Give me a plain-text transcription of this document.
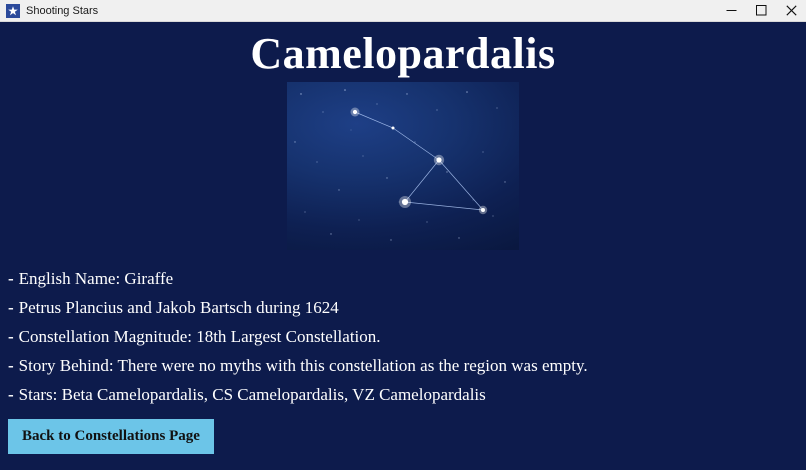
Shooting Stars
Camelopardalis
- English Name: Giraffe
- Petrus Plancius and Jakob Bartsch during 1624
- Constellation Magnitude: 18th Largest Constellation.
- Story Behind: There were no myths with this constellation as the region was empty.
- Stars: Beta Camelopardalis, CS Camelopardalis, VZ Camelopardalis
Back to Constellations Page
